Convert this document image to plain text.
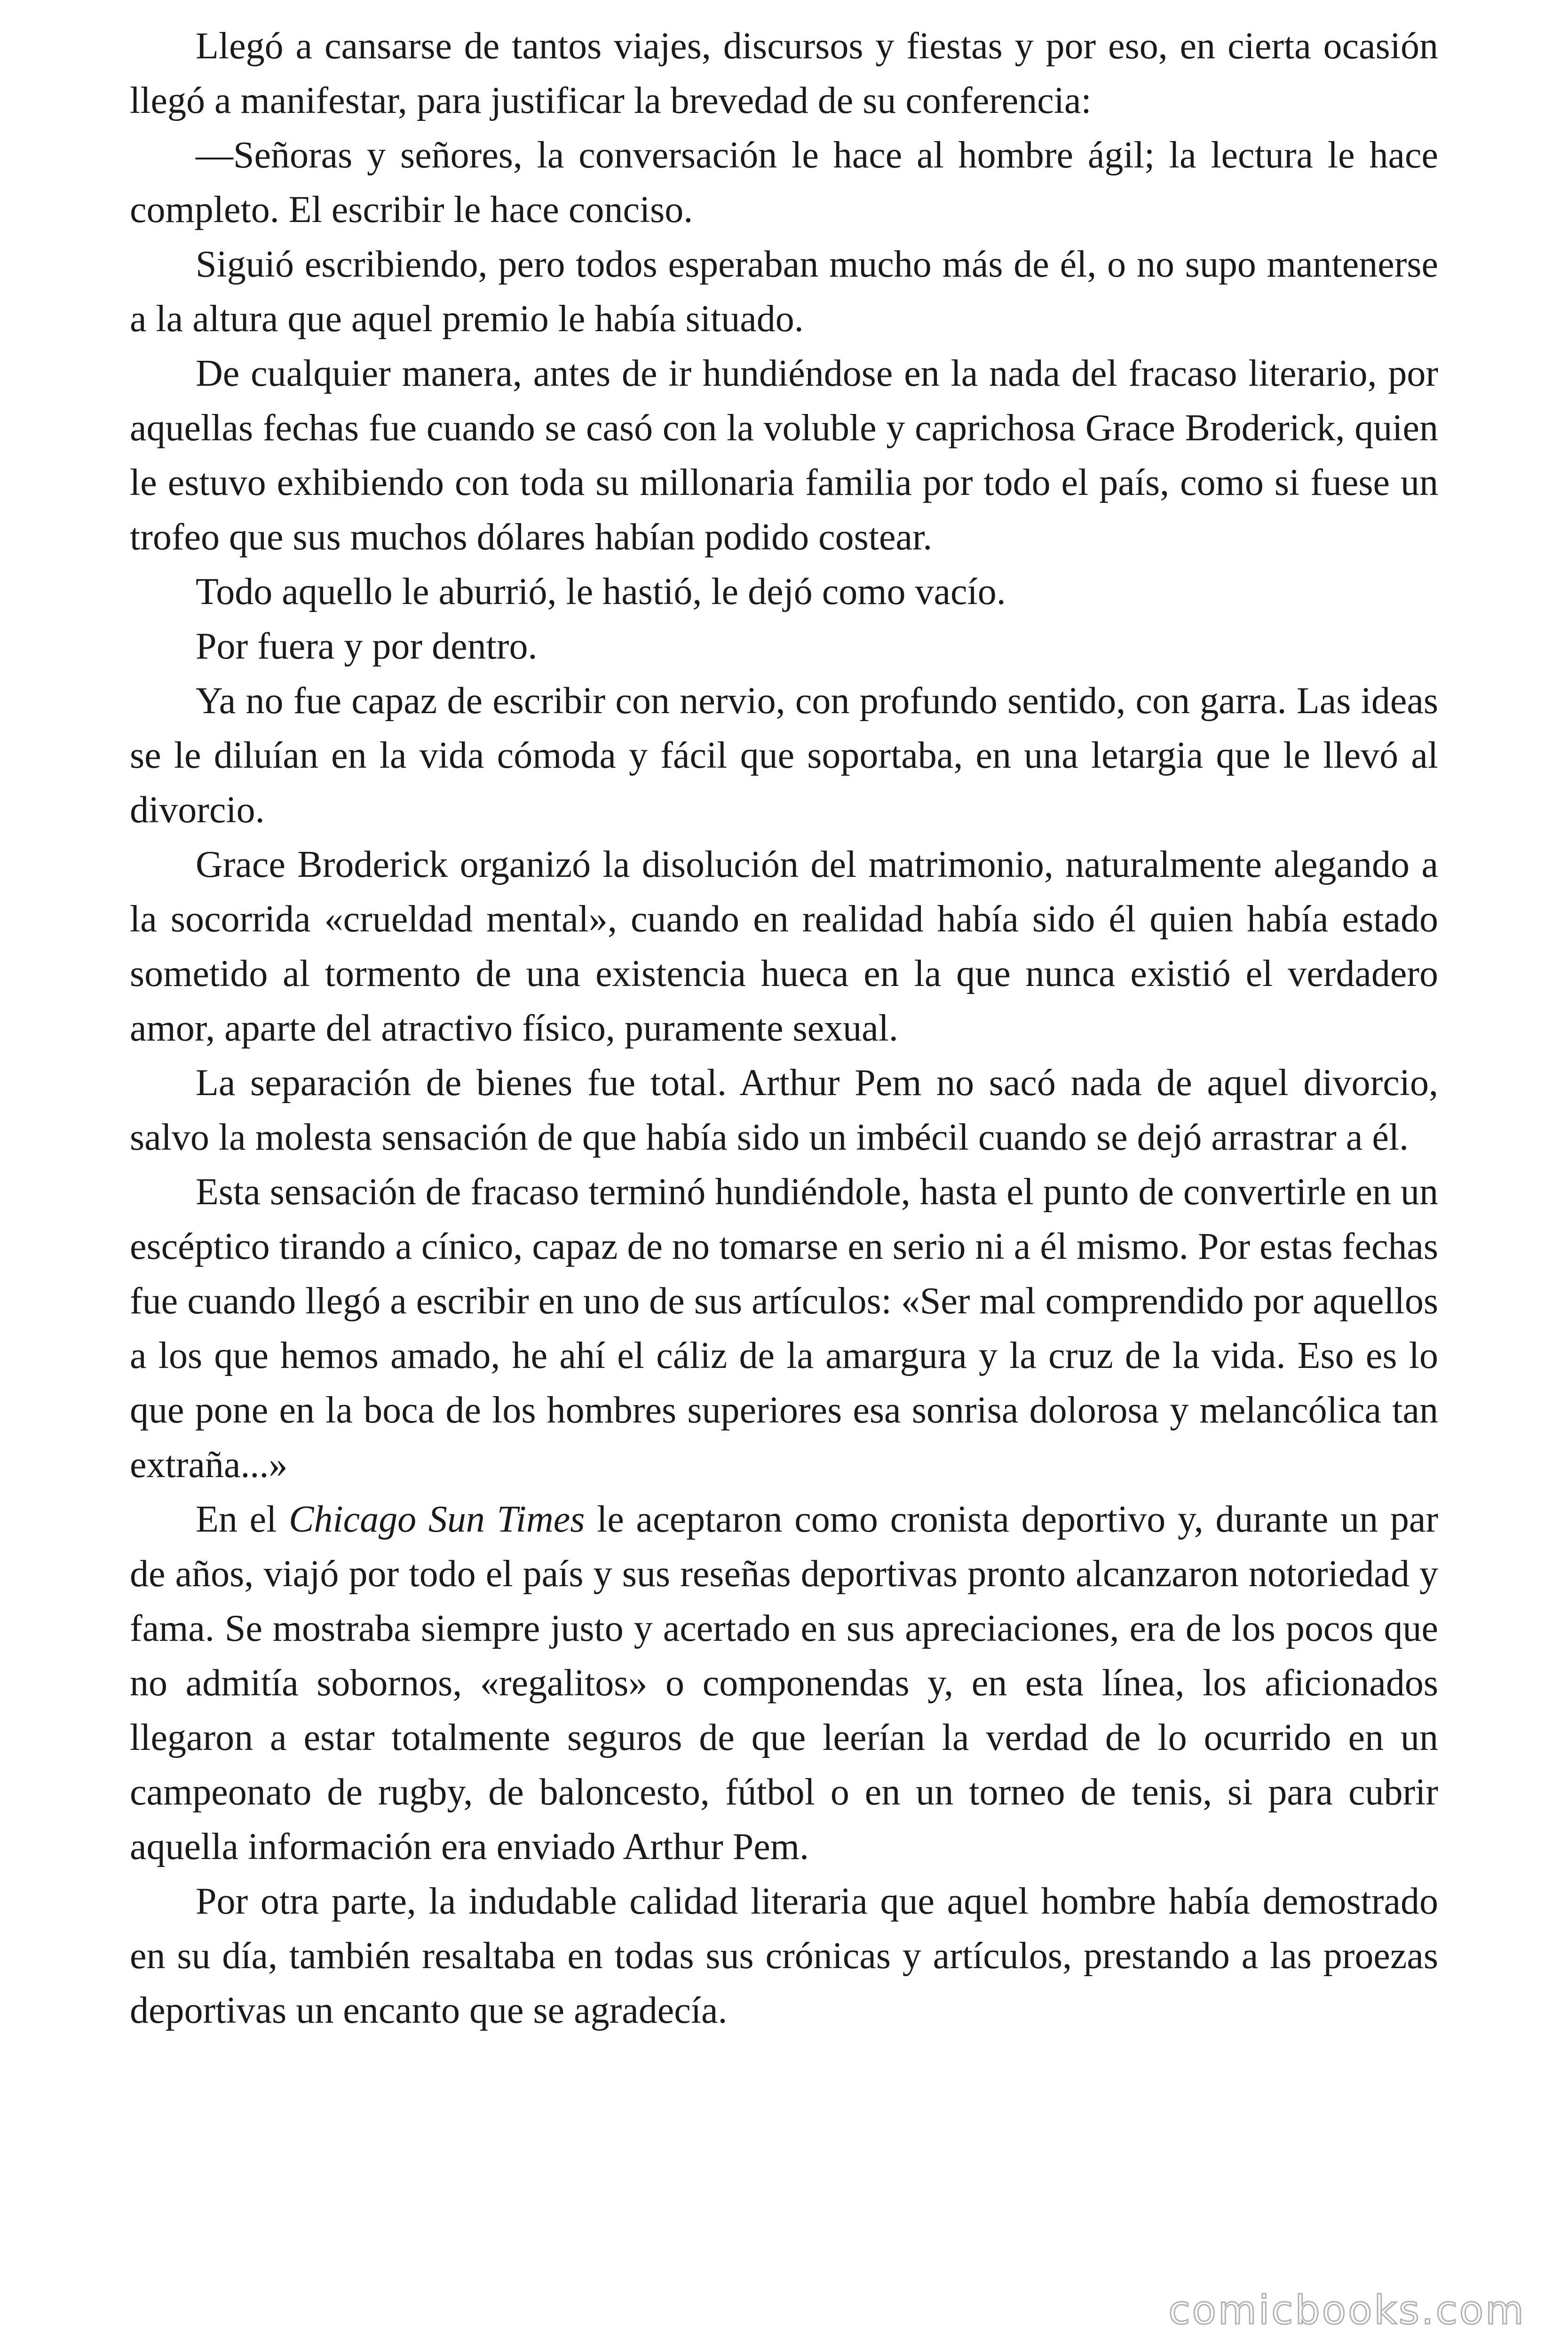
Llegó a cansarse de tantos viajes, discursos y fiestas y por eso, en cierta ocasión llegó a manifestar, para justificar la brevedad de su conferencia:

—Señoras y señores, la conversación le hace al hombre ágil; la lectura le hace completo. El escribir le hace conciso.

Siguió escribiendo, pero todos esperaban mucho más de él, o no supo mantenerse a la altura que aquel premio le había situado.

De cualquier manera, antes de ir hundiéndose en la nada del fracaso literario, por aquellas fechas fue cuando se casó con la voluble y caprichosa Grace Broderick, quien le estuvo exhibiendo con toda su millonaria familia por todo el país, como si fuese un trofeo que sus muchos dólares habían podido costear.

Todo aquello le aburrió, le hastió, le dejó como vacío.

Por fuera y por dentro.

Ya no fue capaz de escribir con nervio, con profundo sentido, con garra. Las ideas se le diluían en la vida cómoda y fácil que soportaba, en una letargia que le llevó al divorcio.

Grace Broderick organizó la disolución del matrimonio, naturalmente alegando a la socorrida «crueldad mental», cuando en realidad había sido él quien había estado sometido al tormento de una existencia hueca en la que nunca existió el verdadero amor, aparte del atractivo físico, puramente sexual.

La separación de bienes fue total. Arthur Pem no sacó nada de aquel divorcio, salvo la molesta sensación de que había sido un imbécil cuando se dejó arrastrar a él.

Esta sensación de fracaso terminó hundiéndole, hasta el punto de convertirle en un escéptico tirando a cínico, capaz de no tomarse en serio ni a él mismo. Por estas fechas fue cuando llegó a escribir en uno de sus artículos: «Ser mal comprendido por aquellos a los que hemos amado, he ahí el cáliz de la amargura y la cruz de la vida. Eso es lo que pone en la boca de los hombres superiores esa sonrisa dolorosa y melancólica tan extraña...»

En el Chicago Sun Times le aceptaron como cronista deportivo y, durante un par de años, viajó por todo el país y sus reseñas deportivas pronto alcanzaron notoriedad y fama. Se mostraba siempre justo y acertado en sus apreciaciones, era de los pocos que no admitía sobornos, «regalitos» o componendas y, en esta línea, los aficionados llegaron a estar totalmente seguros de que leerían la verdad de lo ocurrido en un campeonato de rugby, de baloncesto, fútbol o en un torneo de tenis, si para cubrir aquella información era enviado Arthur Pem.

Por otra parte, la indudable calidad literaria que aquel hombre había demostrado en su día, también resaltaba en todas sus crónicas y artículos, prestando a las proezas deportivas un encanto que se agradecía.

comicbooks.com
